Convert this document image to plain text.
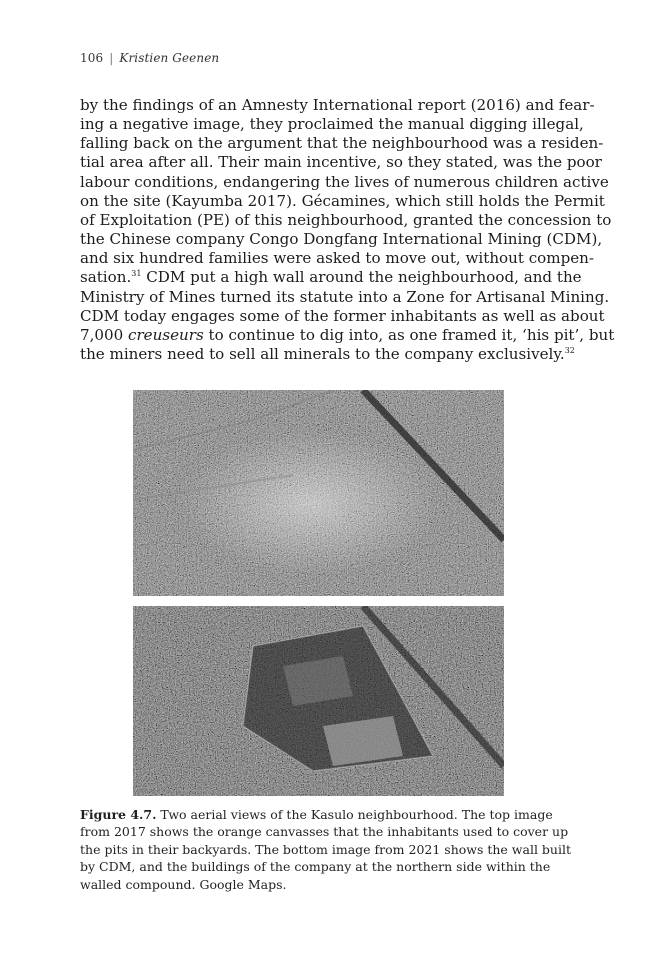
106 | Kristien Geenen
by the findings of an Amnesty International report (2016) and fear-
ing a negative image, they proclaimed the manual digging illegal,
falling back on the argument that the neighbourhood was a residen-
tial area after all. Their main incentive, so they stated, was the poor
labour conditions, endangering the lives of numerous children active
on the site (Kayumba 2017). Gécamines, which still holds the Permit
of Exploitation (PE) of this neighbourhood, granted the concession to
the Chinese company Congo Dongfang International Mining (CDM),
and six hundred families were asked to move out, without compen-
sation.$^{31}$ CDM put a high wall around the neighbourhood, and the
Ministry of Mines turned its statute into a Zone for Artisanal Mining.
CDM today engages some of the former inhabitants as well as about
7,000 creuseurs to continue to dig into, as one framed it, ‘his pit’, but
the miners need to sell all minerals to the company exclusively.$^{32}$
Figure 4.7. Two aerial views of the Kasulo neighbourhood. The top image
from 2017 shows the orange canvasses that the inhabitants used to cover up
the pits in their backyards. The bottom image from 2021 shows the wall built
by CDM, and the buildings of the company at the northern side within the
walled compound. Google Maps.
